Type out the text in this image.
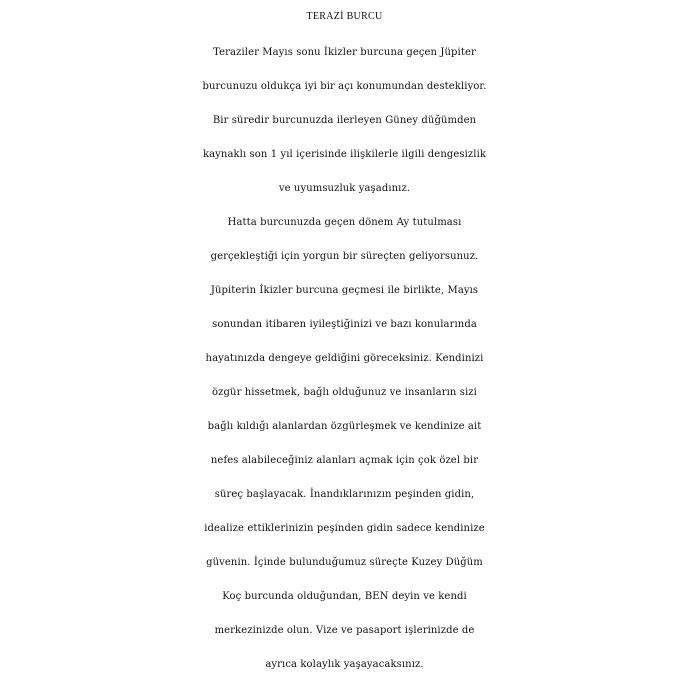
TERAZİ BURCU
Teraziler Mayıs sonu İkizler burcuna geçen Jüpiter
burcunuzu oldukça iyi bir açı konumundan destekliyor.
Bir süredir burcunuzda ilerleyen Güney düğümden
kaynaklı son 1 yıl içerisinde ilişkilerle ilgili dengesizlik
ve uyumsuzluk yaşadınız.
Hatta burcunuzda geçen dönem Ay tutulması
gerçekleştiği için yorgun bir süreçten geliyorsunuz.
Jüpiterin İkizler burcuna geçmesi ile birlikte, Mayıs
sonundan itibaren iyileştiğinizi ve bazı konularında
hayatınızda dengeye geldiğini göreceksiniz. Kendinizi
özgür hissetmek, bağlı olduğunuz ve insanların sizi
bağlı kıldığı alanlardan özgürleşmek ve kendinize ait
nefes alabileceğiniz alanları açmak için çok özel bir
süreç başlayacak. İnandıklarınızın peşinden gidin,
idealize ettiklerinizin peşinden gidin sadece kendinize
güvenin. İçinde bulunduğumuz süreçte Kuzey Düğüm
Koç burcunda olduğundan, BEN deyin ve kendi
merkezinizde olun. Vize ve pasaport işlerinizde de
ayrıca kolaylık yaşayacaksınız.
